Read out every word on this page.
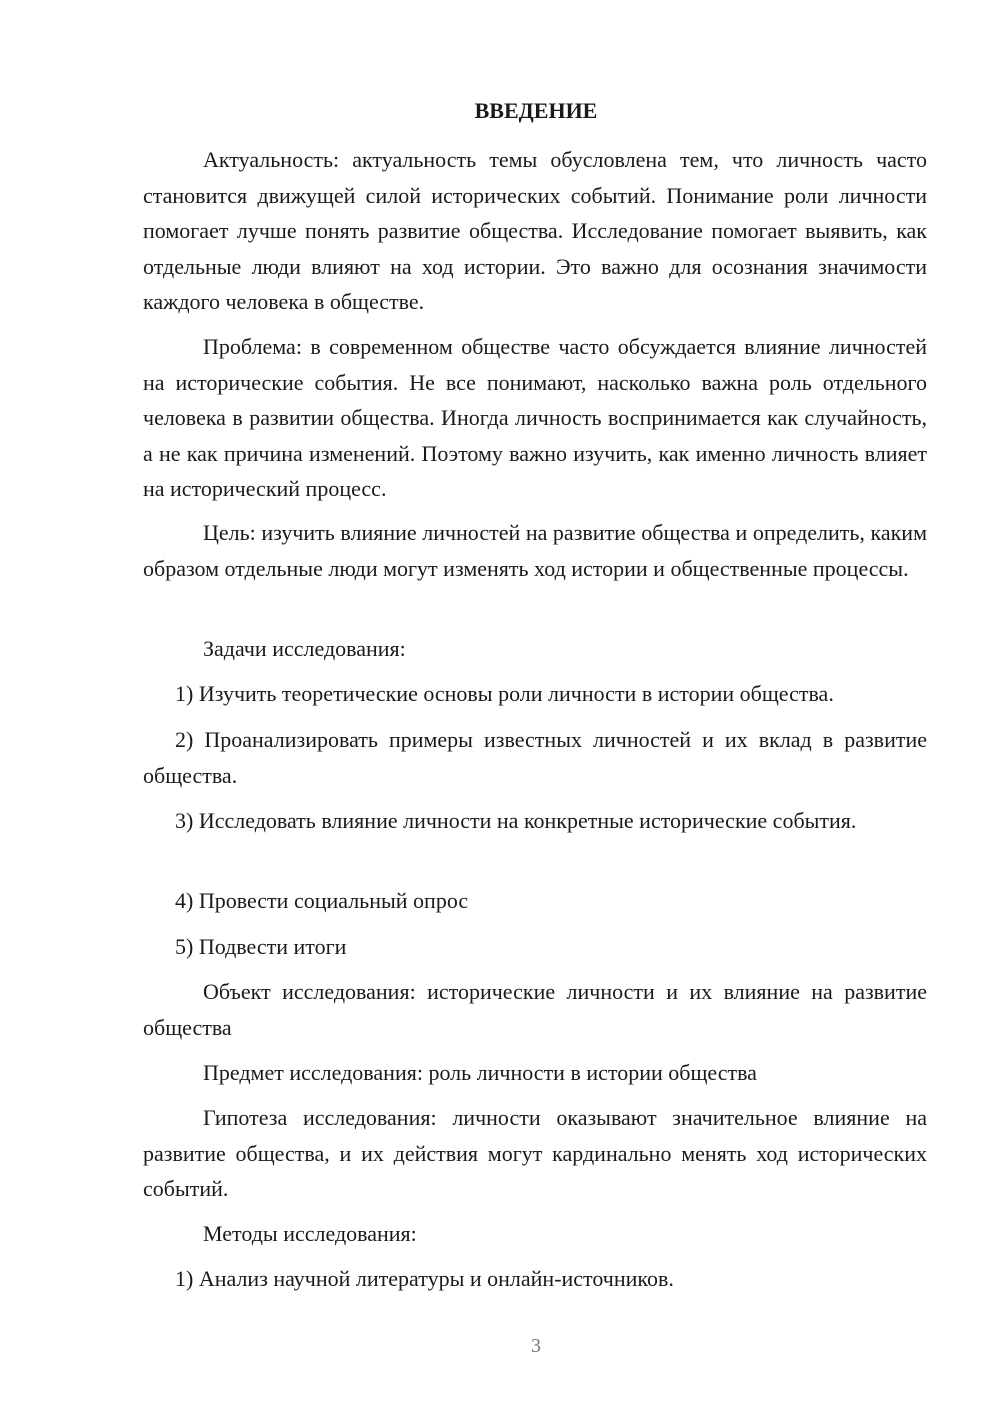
ВВЕДЕНИЕ

Актуальность: актуальность темы обусловлена тем, что личность часто становится движущей силой исторических событий. Понимание роли личности помогает лучше понять развитие общества. Исследование помогает выявить, как отдельные люди влияют на ход истории. Это важно для осознания значимости каждого человека в обществе.

Проблема: в современном обществе часто обсуждается влияние личностей на исторические события. Не все понимают, насколько важна роль отдельного человека в развитии общества. Иногда личность воспринимается как случайность, а не как причина изменений. Поэтому важно изучить, как именно личность влияет на исторический процесс.

Цель: изучить влияние личностей на развитие общества и определить, каким образом отдельные люди могут изменять ход истории и общественные процессы.

Задачи исследования:

1) Изучить теоретические основы роли личности в истории общества.

2) Проанализировать примеры известных личностей и их вклад в развитие общества.

3) Исследовать влияние личности на конкретные исторические события.

4) Провести социальный опрос

5) Подвести итоги

Объект исследования: исторические личности и их влияние на развитие общества

Предмет исследования: роль личности в истории общества

Гипотеза исследования: личности оказывают значительное влияние на развитие общества, и их действия могут кардинально менять ход исторических событий.

Методы исследования:

1) Анализ научной литературы и онлайн-источников.

3
